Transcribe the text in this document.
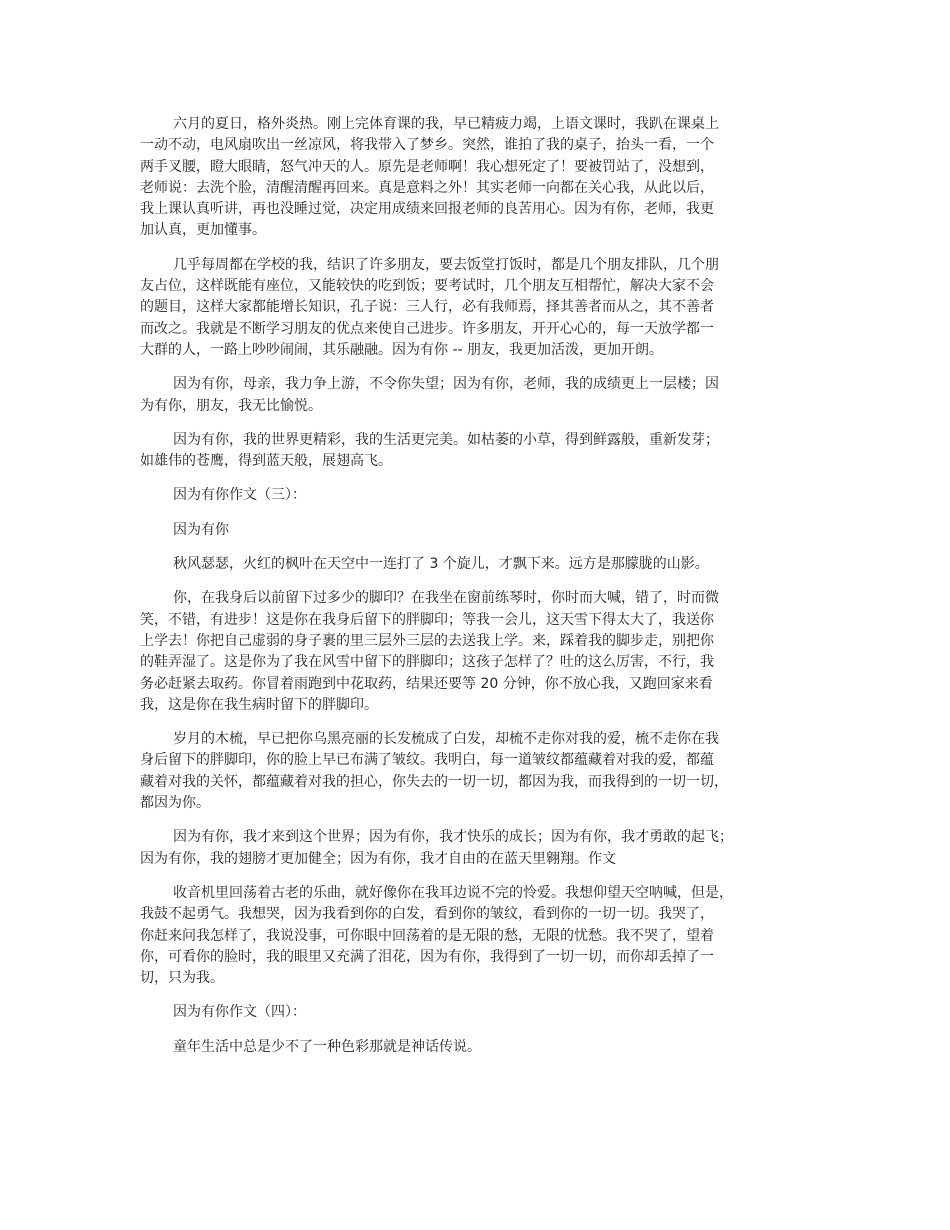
六月的夏日，格外炎热。刚上完体育课的我，早已精疲力竭，上语文课时，我趴在课桌上
一动不动，电风扇吹出一丝凉风，将我带入了梦乡。突然，谁拍了我的桌子，抬头一看，一个
两手叉腰，瞪大眼睛，怒气冲天的人。原先是老师啊！我心想死定了！要被罚站了，没想到，
老师说：去洗个脸，清醒清醒再回来。真是意料之外！其实老师一向都在关心我，从此以后，
我上课认真听讲，再也没睡过觉，决定用成绩来回报老师的良苦用心。因为有你，老师，我更
加认真，更加懂事。
几乎每周都在学校的我，结识了许多朋友，要去饭堂打饭时，都是几个朋友排队，几个朋
友占位，这样既能有座位，又能较快的吃到饭；要考试时，几个朋友互相帮忙，解决大家不会
的题目，这样大家都能增长知识，孔子说：三人行，必有我师焉，择其善者而从之，其不善者
而改之。我就是不断学习朋友的优点来使自己进步。许多朋友，开开心心的，每一天放学都一
大群的人，一路上吵吵闹闹，其乐融融。因为有你 -- 朋友，我更加活泼，更加开朗。
因为有你，母亲，我力争上游，不令你失望；因为有你，老师，我的成绩更上一层楼；因
为有你，朋友，我无比愉悦。
因为有你，我的世界更精彩，我的生活更完美。如枯萎的小草，得到鲜露般，重新发芽；
如雄伟的苍鹰，得到蓝天般，展翅高飞。
因为有你作文（三）：
因为有你
秋风瑟瑟，火红的枫叶在天空中一连打了 3 个旋儿，才飘下来。远方是那朦胧的山影。
你，在我身后以前留下过多少的脚印？在我坐在窗前练琴时，你时而大喊，错了，时而微
笑，不错，有进步！这是你在我身后留下的胖脚印；等我一会儿，这天雪下得太大了，我送你
上学去！你把自己虚弱的身子裹的里三层外三层的去送我上学。来，踩着我的脚步走，别把你
的鞋弄湿了。这是你为了我在风雪中留下的胖脚印；这孩子怎样了？吐的这么厉害，不行，我
务必赶紧去取药。你冒着雨跑到中花取药，结果还要等 20 分钟，你不放心我，又跑回家来看
我，这是你在我生病时留下的胖脚印。
岁月的木梳，早已把你乌黑亮丽的长发梳成了白发，却梳不走你对我的爱，梳不走你在我
身后留下的胖脚印，你的脸上早已布满了皱纹。我明白，每一道皱纹都蕴藏着对我的爱，都蕴
藏着对我的关怀，都蕴藏着对我的担心，你失去的一切一切，都因为我，而我得到的一切一切，
都因为你。
因为有你，我才来到这个世界；因为有你，我才快乐的成长；因为有你，我才勇敢的起飞；
因为有你，我的翅膀才更加健全；因为有你，我才自由的在蓝天里翱翔。作文
收音机里回荡着古老的乐曲，就好像你在我耳边说不完的怜爱。我想仰望天空呐喊，但是，
我鼓不起勇气。我想哭，因为我看到你的白发，看到你的皱纹，看到你的一切一切。我哭了，
你赶来问我怎样了，我说没事，可你眼中回荡着的是无限的愁，无限的忧愁。我不哭了，望着
你，可看你的脸时，我的眼里又充满了泪花，因为有你，我得到了一切一切，而你却丢掉了一
切，只为我。
因为有你作文（四）：
童年生活中总是少不了一种色彩那就是神话传说。
